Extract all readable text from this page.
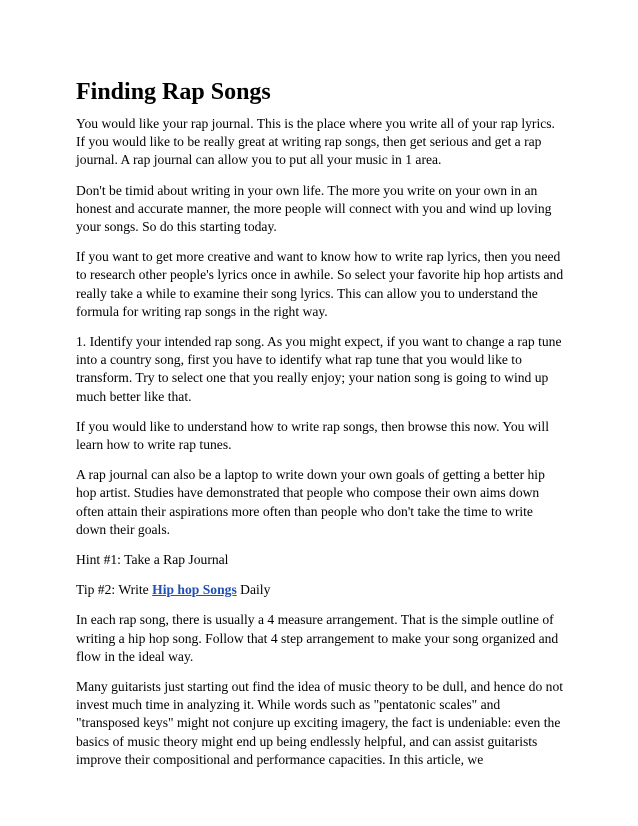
Finding Rap Songs

You would like your rap journal. This is the place where you write all of your rap lyrics. If you would like to be really great at writing rap songs, then get serious and get a rap journal. A rap journal can allow you to put all your music in 1 area.

Don't be timid about writing in your own life. The more you write on your own in an honest and accurate manner, the more people will connect with you and wind up loving your songs. So do this starting today.

If you want to get more creative and want to know how to write rap lyrics, then you need to research other people's lyrics once in awhile. So select your favorite hip hop artists and really take a while to examine their song lyrics. This can allow you to understand the formula for writing rap songs in the right way.

1. Identify your intended rap song. As you might expect, if you want to change a rap tune into a country song, first you have to identify what rap tune that you would like to transform. Try to select one that you really enjoy; your nation song is going to wind up much better like that.

If you would like to understand how to write rap songs, then browse this now. You will learn how to write rap tunes.

A rap journal can also be a laptop to write down your own goals of getting a better hip hop artist. Studies have demonstrated that people who compose their own aims down often attain their aspirations more often than people who don't take the time to write down their goals.

Hint #1: Take a Rap Journal

Tip #2: Write Hip hop Songs Daily

In each rap song, there is usually a 4 measure arrangement. That is the simple outline of writing a hip hop song. Follow that 4 step arrangement to make your song organized and flow in the ideal way.

Many guitarists just starting out find the idea of music theory to be dull, and hence do not invest much time in analyzing it. While words such as "pentatonic scales" and "transposed keys" might not conjure up exciting imagery, the fact is undeniable: even the basics of music theory might end up being endlessly helpful, and can assist guitarists improve their compositional and performance capacities. In this article, we
